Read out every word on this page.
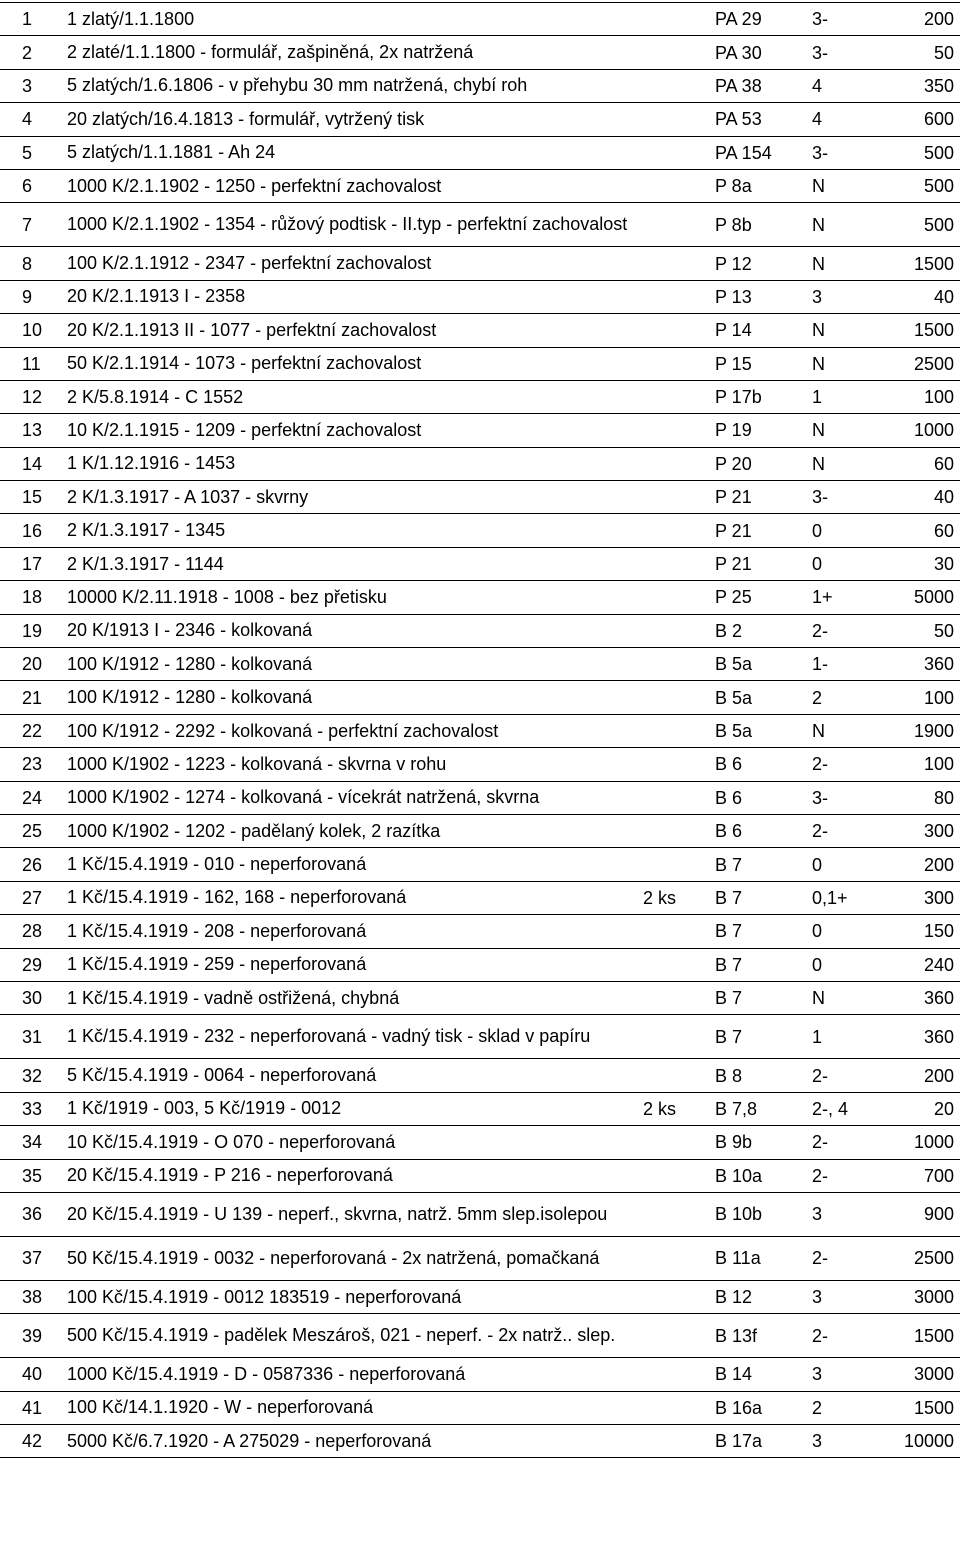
1	1 zlatý/1.1.1800		PA 29	3-	200
2	2 zlaté/1.1.1800 - formulář, zašpiněná, 2x natržená		PA 30	3-	50
3	5 zlatých/1.6.1806 - v přehybu 30 mm natržená, chybí roh		PA 38	4	350
4	20 zlatých/16.4.1813 - formulář, vytržený tisk		PA 53	4	600
5	5 zlatých/1.1.1881 - Ah 24		PA 154	3-	500
6	1000 K/2.1.1902 - 1250 - perfektní zachovalost		P 8a	N	500
7	1000 K/2.1.1902 - 1354 - růžový podtisk - II.typ - perfektní zachovalost		P 8b	N	500
8	100 K/2.1.1912 - 2347 - perfektní zachovalost		P 12	N	1500
9	20 K/2.1.1913 I - 2358		P 13	3	40
10	20 K/2.1.1913 II - 1077 - perfektní zachovalost		P 14	N	1500
11	50 K/2.1.1914 - 1073 - perfektní zachovalost		P 15	N	2500
12	2 K/5.8.1914 - C 1552		P 17b	1	100
13	10 K/2.1.1915 - 1209 - perfektní zachovalost		P 19	N	1000
14	1 K/1.12.1916 - 1453		P 20	N	60
15	2 K/1.3.1917 - A 1037 - skvrny		P 21	3-	40
16	2 K/1.3.1917 - 1345		P 21	0	60
17	2 K/1.3.1917 - 1144		P 21	0	30
18	10000 K/2.11.1918 - 1008 - bez přetisku		P 25	1+	5000
19	20 K/1913 I - 2346 - kolkovaná		B 2	2-	50
20	100 K/1912 - 1280 - kolkovaná		B 5a	1-	360
21	100 K/1912 - 1280 - kolkovaná		B 5a	2	100
22	100 K/1912 - 2292 - kolkovaná - perfektní zachovalost		B 5a	N	1900
23	1000 K/1902 - 1223 - kolkovaná - skvrna v rohu		B 6	2-	100
24	1000 K/1902 - 1274 - kolkovaná - vícekrát natržená, skvrna		B 6	3-	80
25	1000 K/1902 - 1202 - padělaný kolek, 2 razítka		B 6	2-	300
26	1 Kč/15.4.1919 - 010 - neperforovaná		B 7	0	200
27	1 Kč/15.4.1919 - 162, 168 - neperforovaná	2 ks	B 7	0,1+	300
28	1 Kč/15.4.1919 - 208 - neperforovaná		B 7	0	150
29	1 Kč/15.4.1919 - 259 - neperforovaná		B 7	0	240
30	1 Kč/15.4.1919 - vadně ostřižená, chybná		B 7	N	360
31	1 Kč/15.4.1919 - 232 - neperforovaná - vadný tisk - sklad v papíru		B 7	1	360
32	5 Kč/15.4.1919 - 0064 - neperforovaná		B 8	2-	200
33	1 Kč/1919 - 003, 5 Kč/1919 - 0012	2 ks	B 7,8	2-, 4	20
34	10 Kč/15.4.1919 - O 070 - neperforovaná		B 9b	2-	1000
35	20 Kč/15.4.1919 - P 216 - neperforovaná		B 10a	2-	700
36	20 Kč/15.4.1919 - U 139 - neperf., skvrna, natrž. 5mm slep.isolepou		B 10b	3	900
37	50 Kč/15.4.1919 - 0032 - neperforovaná - 2x natržená, pomačkaná		B 11a	2-	2500
38	100 Kč/15.4.1919 - 0012 183519 - neperforovaná		B 12	3	3000
39	500 Kč/15.4.1919 - padělek Meszároš, 021 - neperf. - 2x natrž.. slep.		B 13f	2-	1500
40	1000 Kč/15.4.1919 - D - 0587336 - neperforovaná		B 14	3	3000
41	100 Kč/14.1.1920 - W - neperforovaná		B 16a	2	1500
42	5000 Kč/6.7.1920 - A 275029 - neperforovaná		B 17a	3	10000
